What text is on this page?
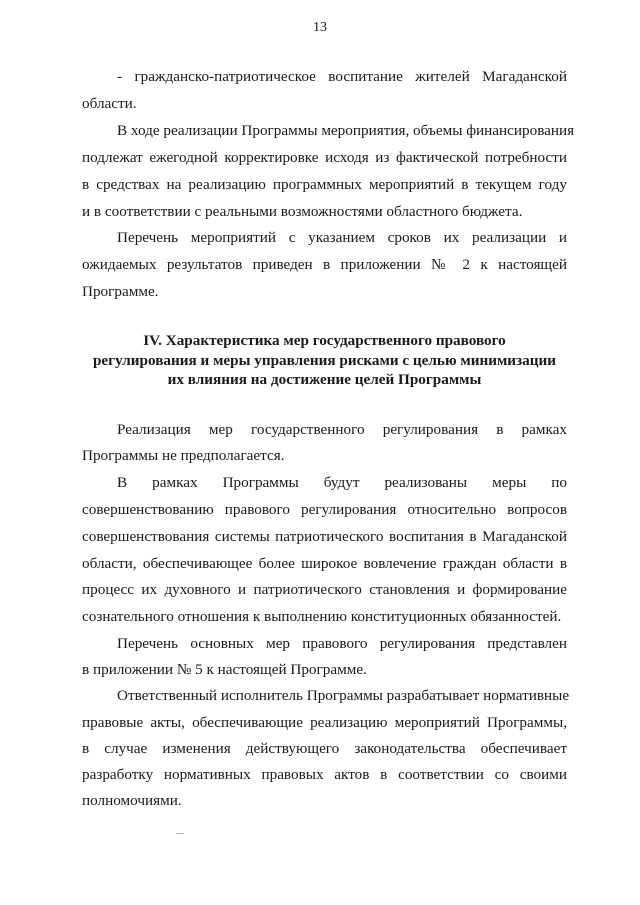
13
- гражданско-патриотическое воспитание жителей Магаданской
области.
В ходе реализации Программы мероприятия, объемы финансирования
подлежат ежегодной корректировке исходя из фактической потребности
в средствах на реализацию программных мероприятий в текущем году
и в соответствии с реальными возможностями областного бюджета.
Перечень мероприятий с указанием сроков их реализации и
ожидаемых результатов приведен в приложении № 2 к настоящей
Программе.
IV. Характеристика мер государственного правового
регулирования и меры управления рисками с целью минимизации
их влияния на достижение целей Программы
Реализация мер государственного регулирования в рамках
Программы не предполагается.
В рамках Программы будут реализованы меры по
совершенствованию правового регулирования относительно вопросов
совершенствования системы патриотического воспитания в Магаданской
области, обеспечивающее более широкое вовлечение граждан области в
процесс их духовного и патриотического становления и формирование
сознательного отношения к выполнению конституционных обязанностей.
Перечень основных мер правового регулирования представлен
в приложении № 5 к настоящей Программе.
Ответственный исполнитель Программы разрабатывает нормативные
правовые акты, обеспечивающие реализацию мероприятий Программы,
в случае изменения действующего законодательства обеспечивает
разработку нормативных правовых актов в соответствии со своими
полномочиями.
